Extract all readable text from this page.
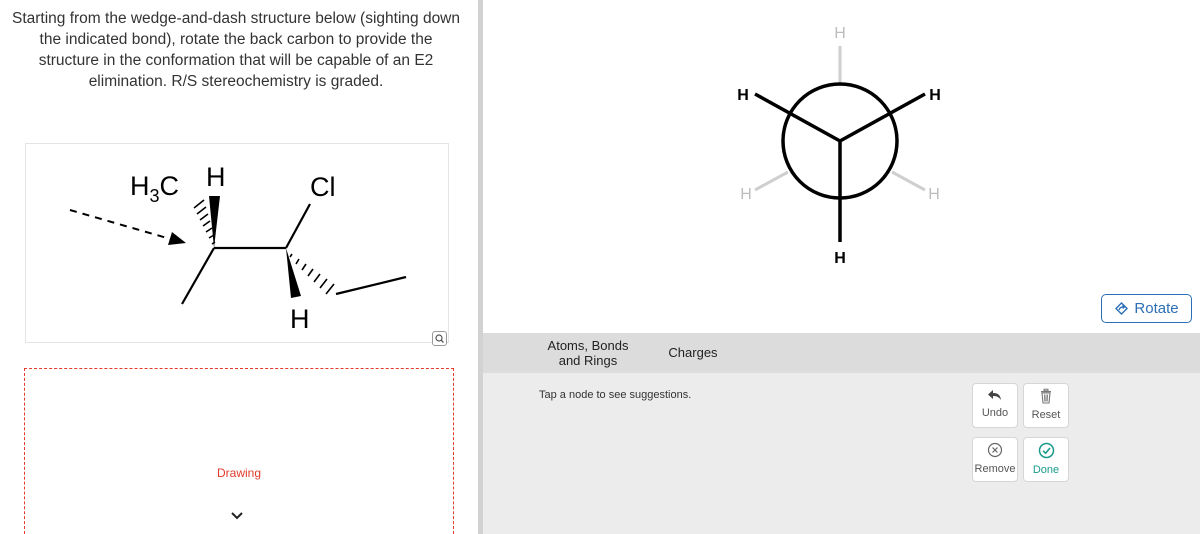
Starting from the wedge-and-dash structure below (sighting down the indicated bond), rotate the back carbon to provide the structure in the conformation that will be capable of an E2 elimination. R/S stereochemistry is graded.

$H_3C$ H	Cl
H
Drawing
H
H	H
H
H	H
Rotate
Atoms, Bonds and Rings
Charges
Tap a node to see suggestions.
Undo Reset
Remove Done
